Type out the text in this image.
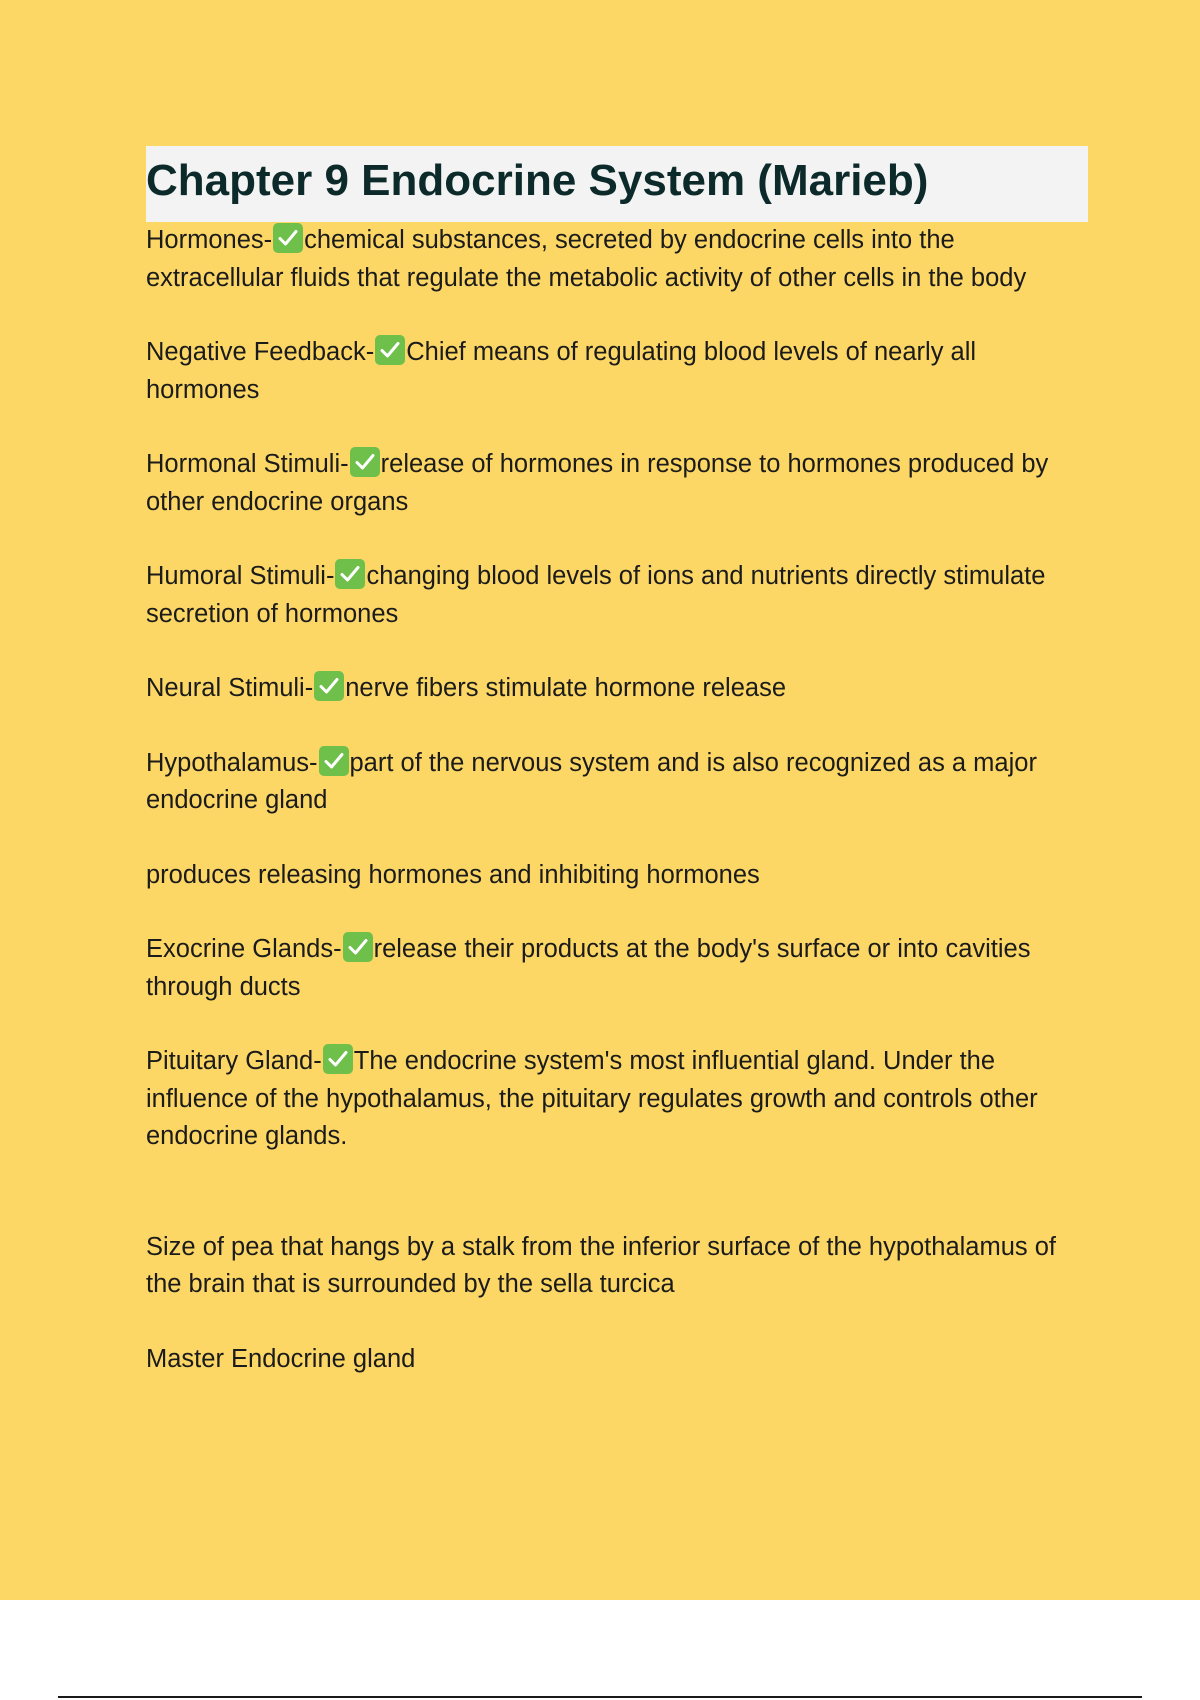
Chapter 9 Endocrine System (Marieb)

Hormones- chemical substances, secreted by endocrine cells into the extracellular fluids that regulate the metabolic activity of other cells in the body

Negative Feedback- Chief means of regulating blood levels of nearly all hormones

Hormonal Stimuli- release of hormones in response to hormones produced by other endocrine organs

Humoral Stimuli- changing blood levels of ions and nutrients directly stimulate secretion of hormones

Neural Stimuli- nerve fibers stimulate hormone release

Hypothalamus- part of the nervous system and is also recognized as a major endocrine gland

produces releasing hormones and inhibiting hormones

Exocrine Glands- release their products at the body's surface or into cavities through ducts

Pituitary Gland- The endocrine system's most influential gland. Under the influence of the hypothalamus, the pituitary regulates growth and controls other endocrine glands.

Size of pea that hangs by a stalk from the inferior surface of the hypothalamus of the brain that is surrounded by the sella turcica

Master Endocrine gland
